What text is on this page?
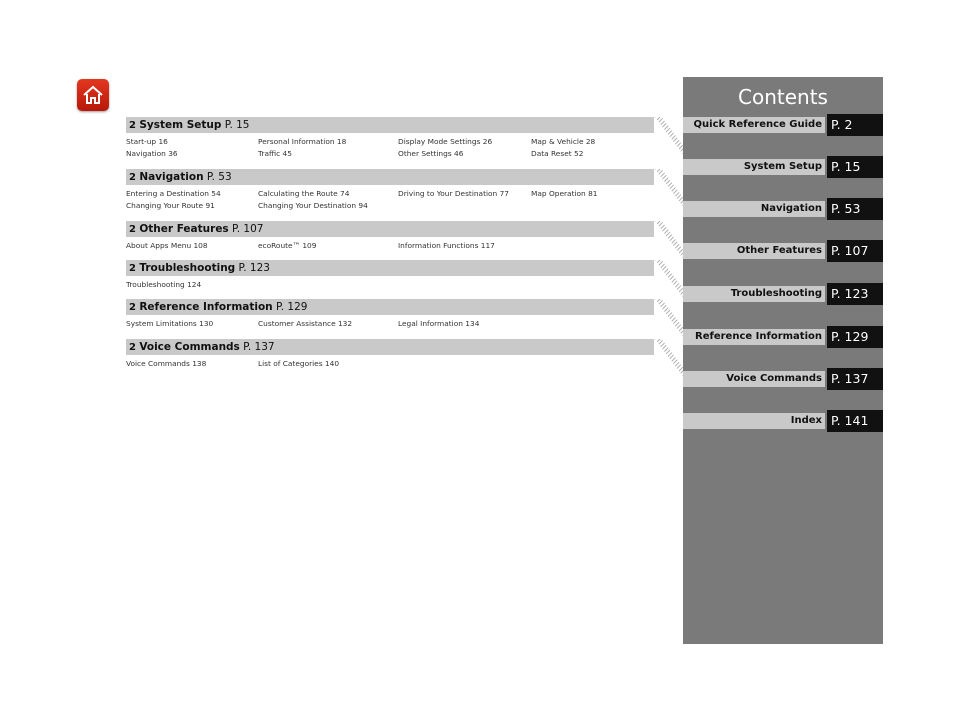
2 System Setup P. 15
Start-up 16	Personal Information 18	Display Mode Settings 26	Map & Vehicle 28
Navigation 36	Traffic 45	Other Settings 46	Data Reset 52
2 Navigation P. 53
Entering a Destination 54	Calculating the Route 74	Driving to Your Destination 77	Map Operation 81
Changing Your Route 91	Changing Your Destination 94
2 Other Features P. 107
About Apps Menu 108	ecoRoute™ 109	Information Functions 117
2 Troubleshooting P. 123
Troubleshooting 124
2 Reference Information P. 129
System Limitations 130	Customer Assistance 132	Legal Information 134
2 Voice Commands P. 137
Voice Commands 138	List of Categories 140
Contents
Quick Reference Guide P. 2
System Setup P. 15
Navigation P. 53
Other Features P. 107
Troubleshooting P. 123
Reference Information P. 129
Voice Commands P. 137
Index P. 141
